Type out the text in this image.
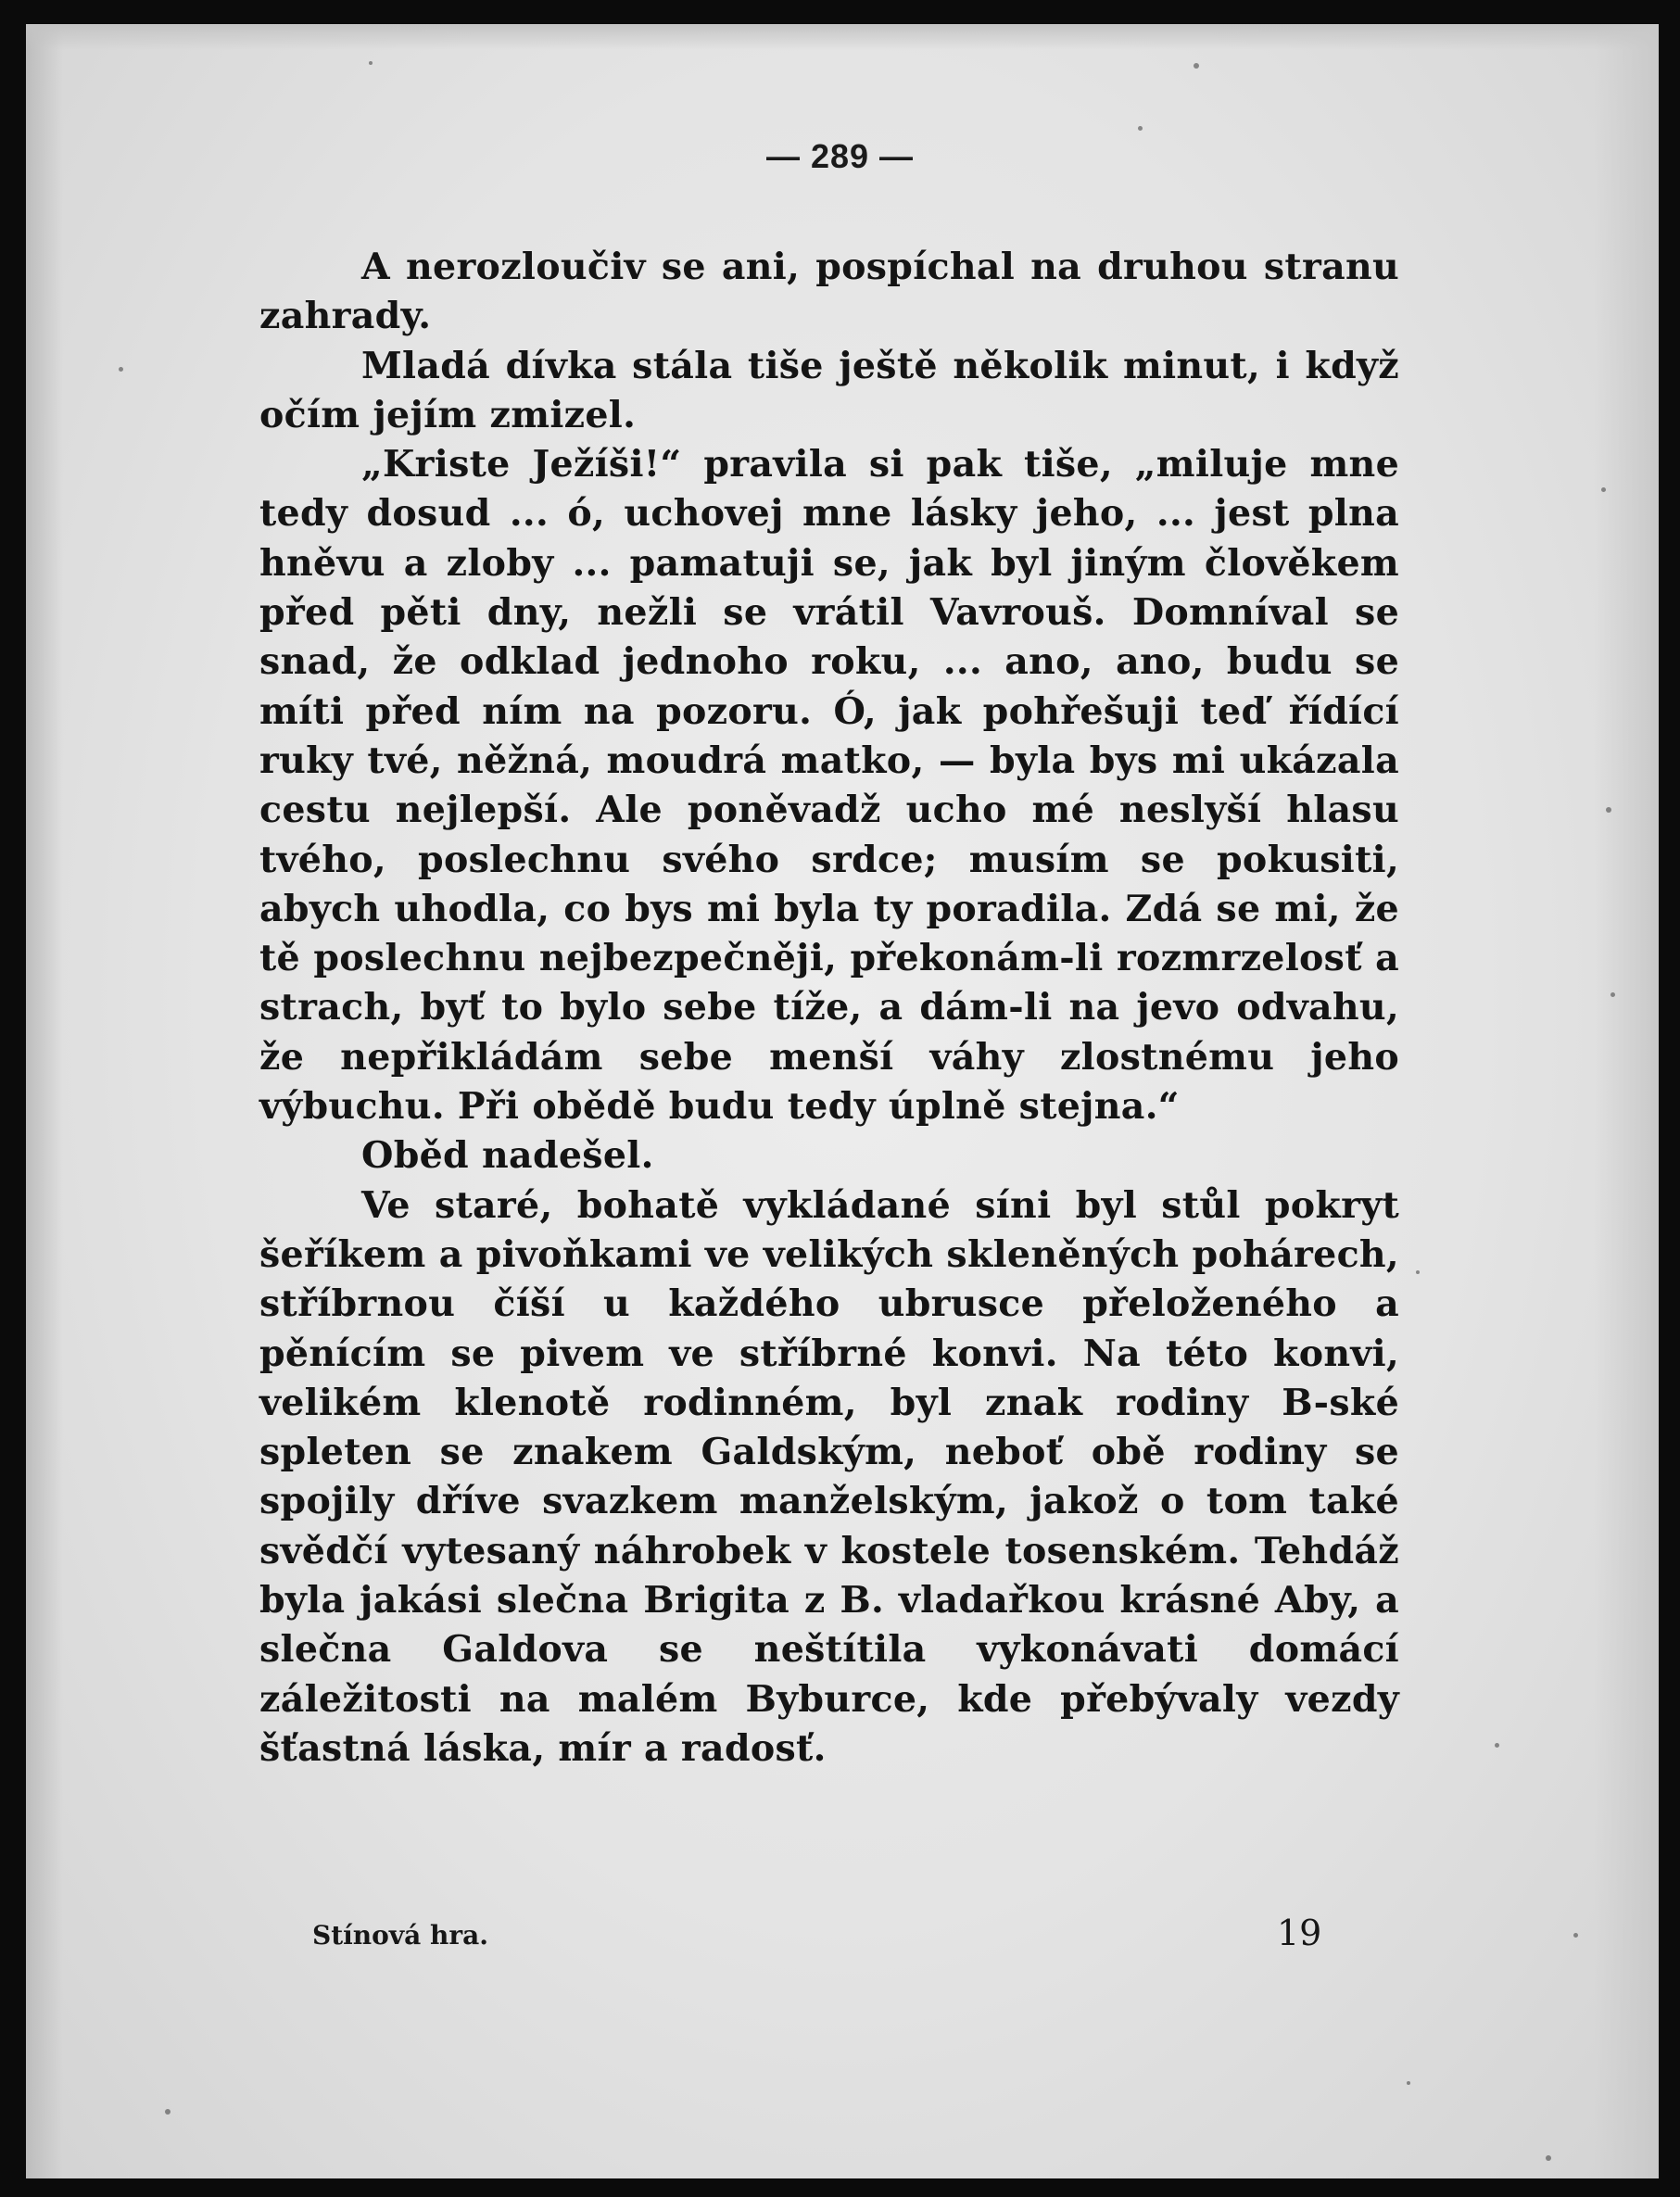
— 289 —

A nerozloučiv se ani, pospíchal na druhou stranu zahrady.

Mladá dívka stála tiše ještě několik minut, i když očím jejím zmizel.

„Kriste Ježíši!“ pravila si pak tiše, „miluje mne tedy dosud ... ó, uchovej mne lásky jeho, ... jest plna hněvu a zloby ... pamatuji se, jak byl jiným člověkem před pěti dny, nežli se vrátil Vavrouš. Domníval se snad, že odklad jednoho roku, ... ano, ano, budu se míti před ním na pozoru. Ó, jak pohřešuji teď řídící ruky tvé, něžná, moudrá matko, — byla bys mi ukázala cestu nejlepší. Ale poněvadž ucho mé neslyší hlasu tvého, poslechnu svého srdce; musím se pokusiti, abych uhodla, co bys mi byla ty poradila. Zdá se mi, že tě poslechnu nejbezpečněji, překonám-li rozmrzelosť a strach, byť to bylo sebe tíže, a dám-li na jevo odvahu, že nepřikládám sebe menší váhy zlostnému jeho výbuchu. Při obědě budu tedy úplně stejna.“

Oběd nadešel.

Ve staré, bohatě vykládané síni byl stůl pokryt šeříkem a pivoňkami ve velikých skleněných pohárech, stříbrnou číší u každého ubrusce přeloženého a pěnícím se pivem ve stříbrné konvi. Na této konvi, velikém klenotě rodinném, byl znak rodiny B-ské spleten se znakem Galdským, neboť obě rodiny se spojily dříve svazkem manželským, jakož o tom také svědčí vytesaný náhrobek v kostele tosenském. Tehdáž byla jakási slečna Brigita z B. vladařkou krásné Aby, a slečna Galdova se neštítila vykonávati domácí záležitosti na malém Byburce, kde přebývaly vezdy šťastná láska, mír a radosť.

Stínová hra.	19
